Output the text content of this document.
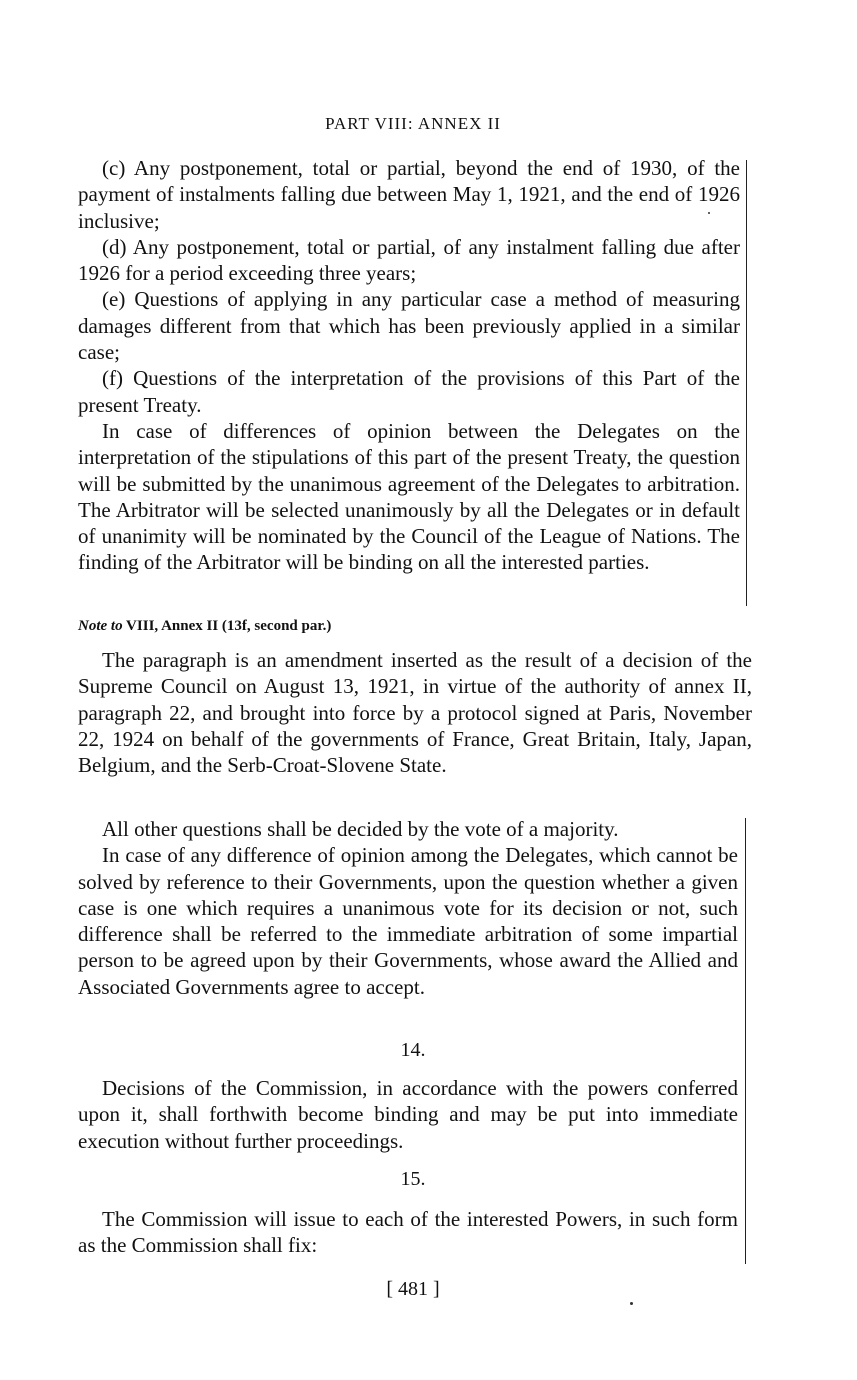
PART VIII: ANNEX II

(c) Any postponement, total or partial, beyond the end of 1930, of the payment of instalments falling due between May 1, 1921, and the end of 1926 inclusive;

(d) Any postponement, total or partial, of any instalment falling due after 1926 for a period exceeding three years;

(e) Questions of applying in any particular case a method of measuring damages different from that which has been previously applied in a similar case;

(f) Questions of the interpretation of the provisions of this Part of the present Treaty.

In case of differences of opinion between the Delegates on the interpretation of the stipulations of this part of the present Treaty, the question will be submitted by the unanimous agreement of the Delegates to arbitration. The Arbitrator will be selected unanimously by all the Delegates or in default of unanimity will be nominated by the Council of the League of Nations. The finding of the Arbitrator will be binding on all the interested parties.

Note to VIII, Annex II (13f, second par.)

The paragraph is an amendment inserted as the result of a decision of the Supreme Council on August 13, 1921, in virtue of the authority of annex II, paragraph 22, and brought into force by a protocol signed at Paris, November 22, 1924 on behalf of the governments of France, Great Britain, Italy, Japan, Belgium, and the Serb-Croat-Slovene State.

All other questions shall be decided by the vote of a majority.

In case of any difference of opinion among the Delegates, which cannot be solved by reference to their Governments, upon the question whether a given case is one which requires a unanimous vote for its decision or not, such difference shall be referred to the immediate arbitration of some impartial person to be agreed upon by their Governments, whose award the Allied and Associated Governments agree to accept.

14.

Decisions of the Commission, in accordance with the powers conferred upon it, shall forthwith become binding and may be put into immediate execution without further proceedings.

15.

The Commission will issue to each of the interested Powers, in such form as the Commission shall fix:

[ 481 ]
